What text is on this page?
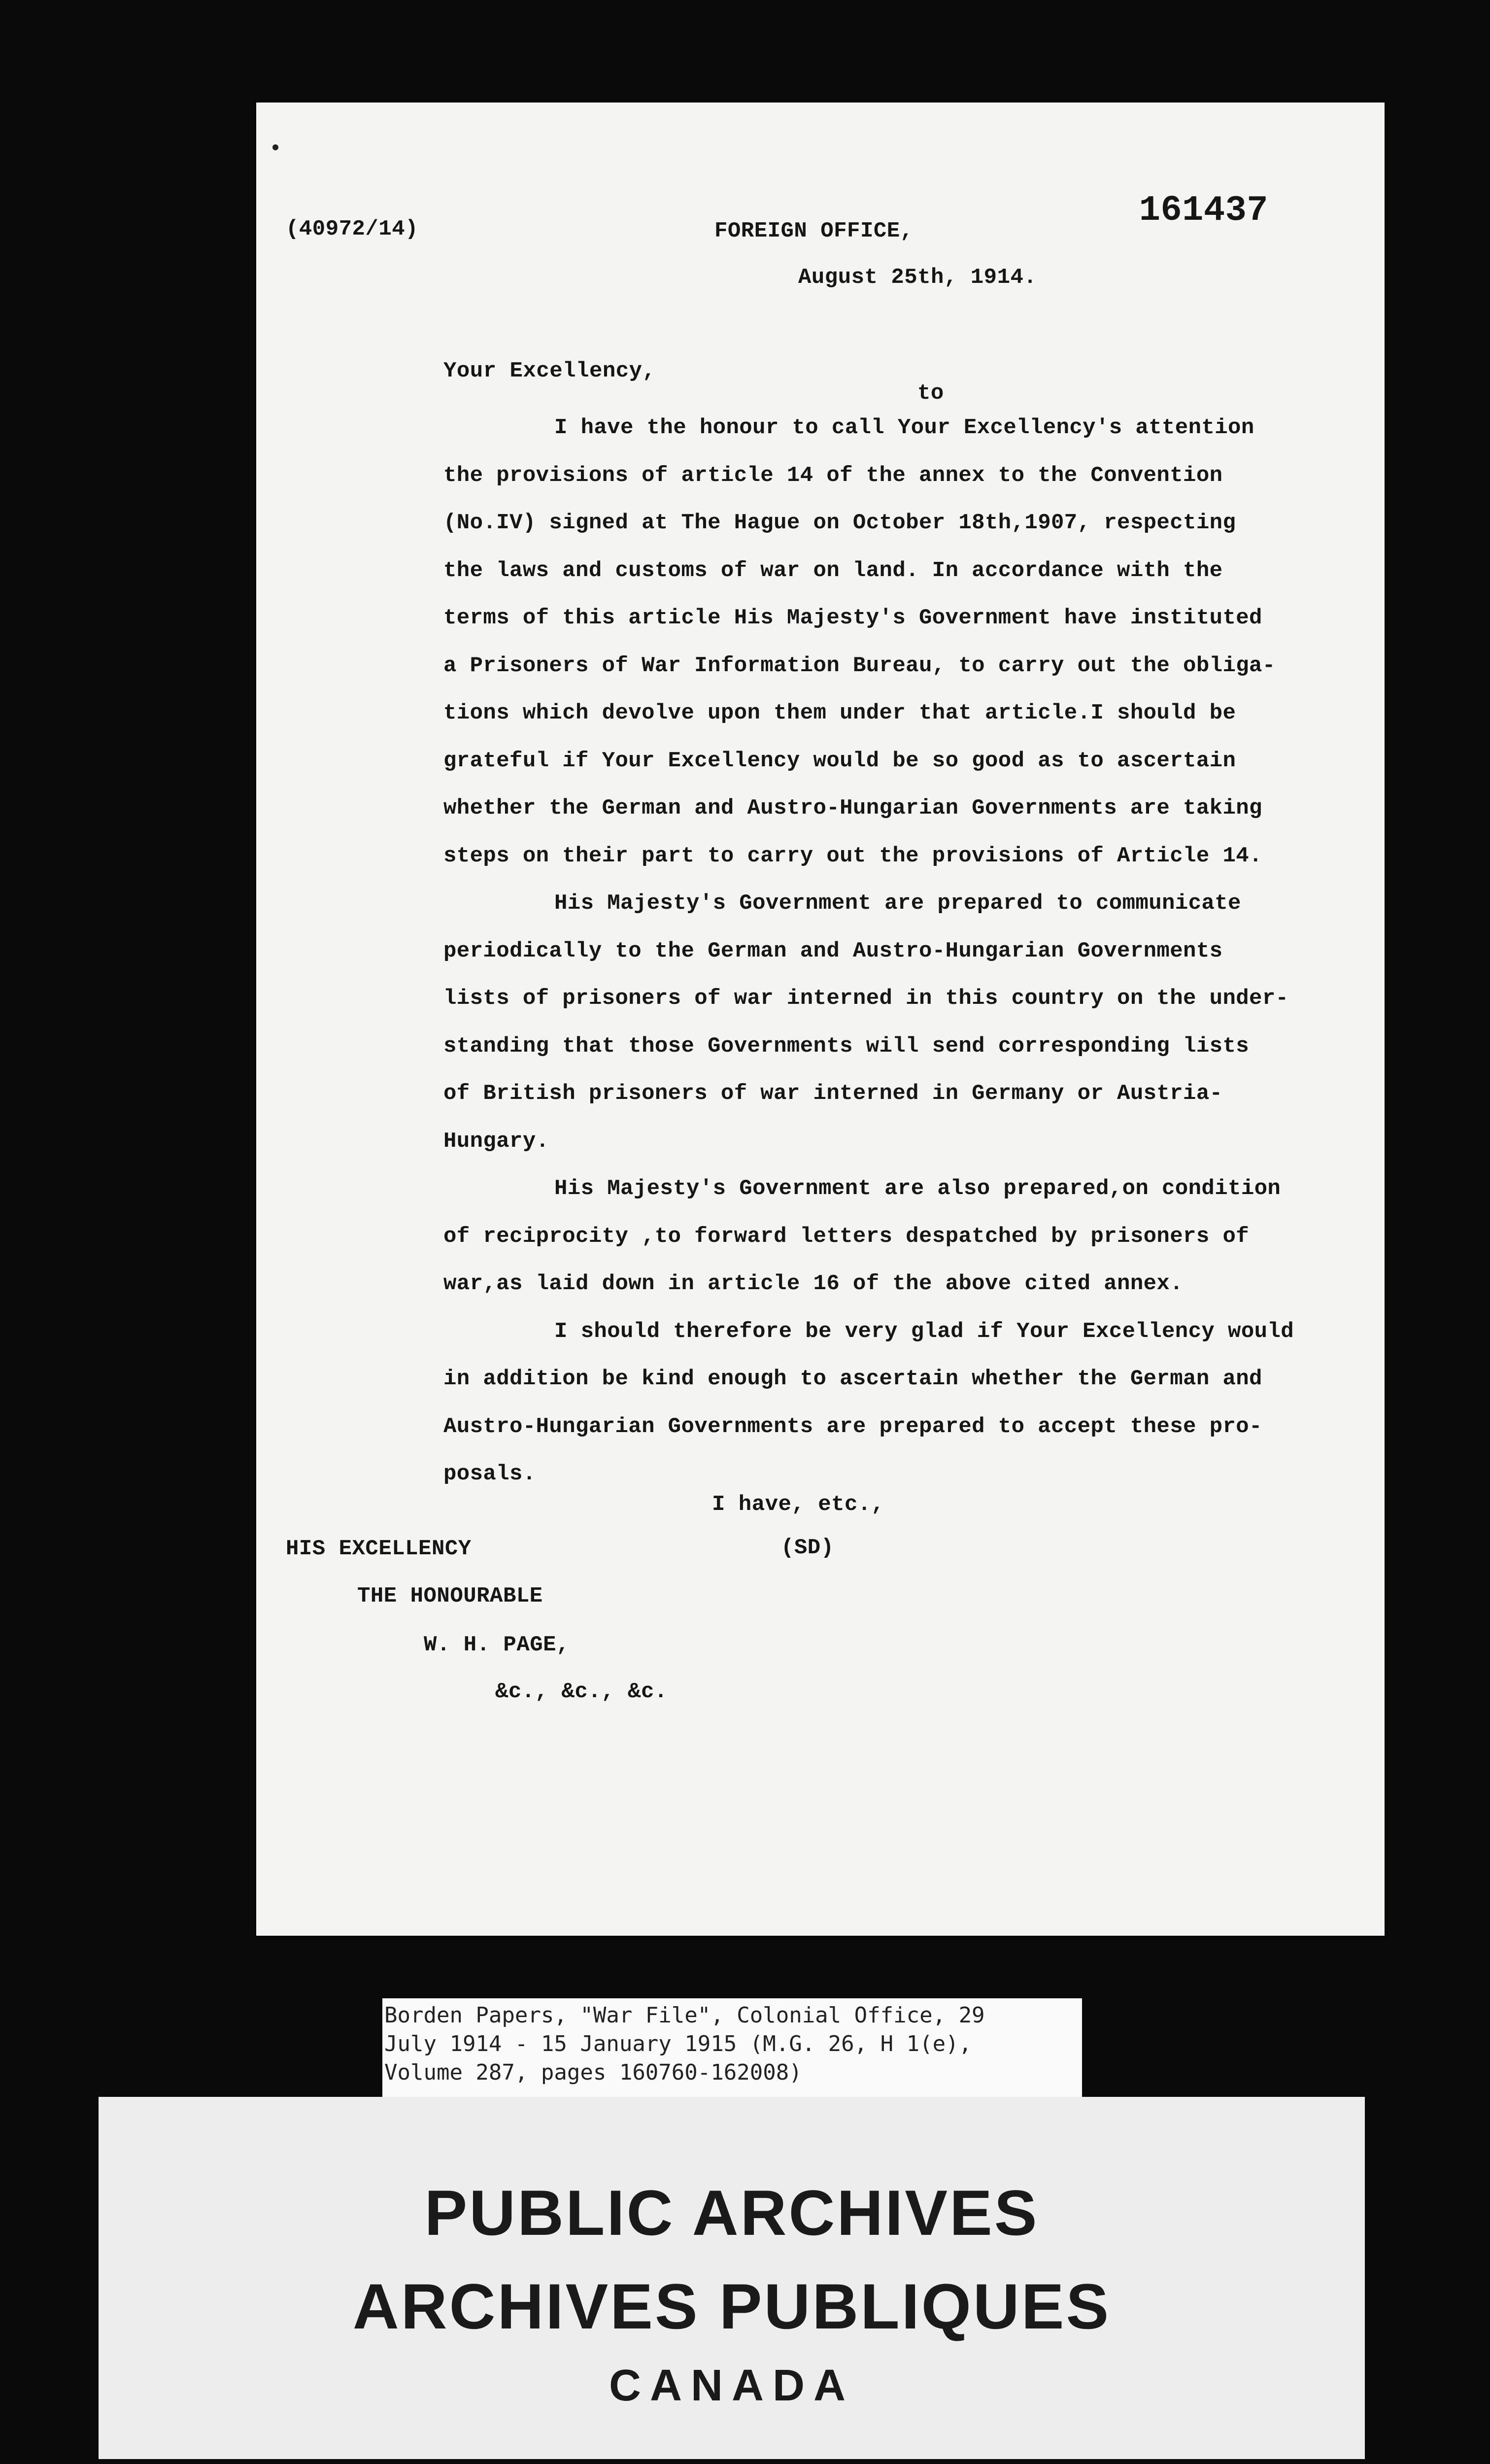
(40972/14)	161437
FOREIGN OFFICE,
August 25th, 1914.
Your Excellency,
to
I have the honour to call Your Excellency's attention
the provisions of article 14 of the annex to the Convention
(No.IV) signed at The Hague on October 18th,1907, respecting
the laws and customs of war on land. In accordance with the
terms of this article His Majesty's Government have instituted
a Prisoners of War Information Bureau, to carry out the obliga-
tions which devolve upon them under that article.I should be
grateful if Your Excellency would be so good as to ascertain
whether the German and Austro-Hungarian Governments are taking
steps on their part to carry out the provisions of Article 14.
His Majesty's Government are prepared to communicate
periodically to the German and Austro-Hungarian Governments
lists of prisoners of war interned in this country on the under-
standing that those Governments will send corresponding lists
of British prisoners of war interned in Germany or Austria-
Hungary.
His Majesty's Government are also prepared,on condition
of reciprocity ,to forward letters despatched by prisoners of
war,as laid down in article 16 of the above cited annex.
I should therefore be very glad if Your Excellency would
in addition be kind enough to ascertain whether the German and
Austro-Hungarian Governments are prepared to accept these pro-
posals.
I have, etc.,
(SD)
HIS EXCELLENCY
THE HONOURABLE
W. H. PAGE,
&c., &c., &c.
Borden Papers, "War File", Colonial Office, 29
July 1914 - 15 January 1915 (M.G. 26, H 1(e),
Volume 287, pages 160760-162008)
PUBLIC ARCHIVES
ARCHIVES PUBLIQUES
CANADA
